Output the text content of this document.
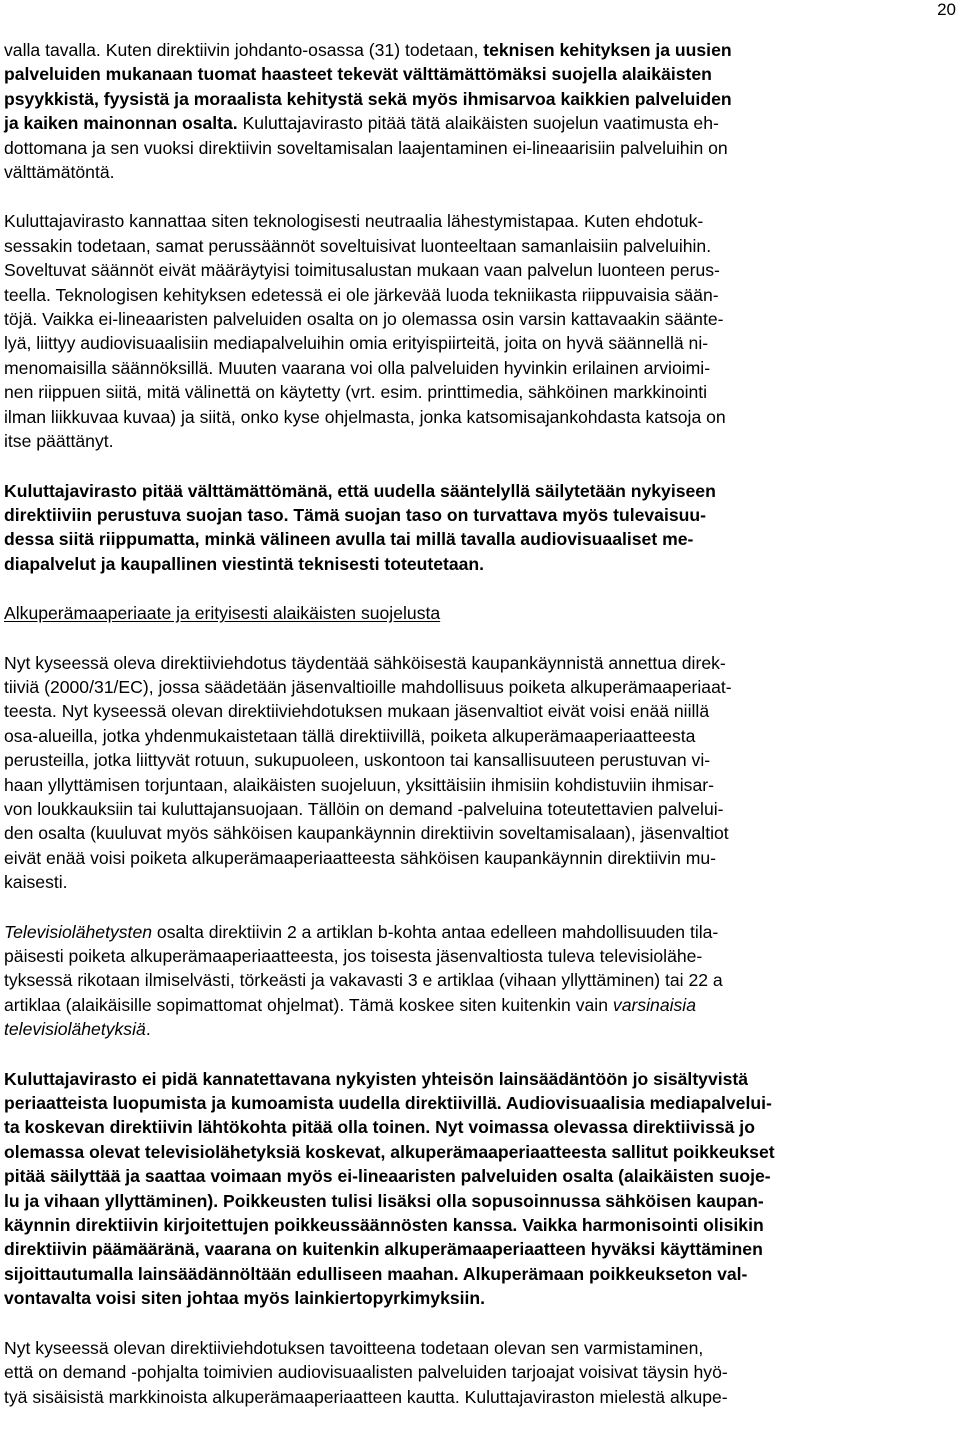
20
valla tavalla. Kuten direktiivin johdanto-osassa (31) todetaan, teknisen kehityksen ja uusien
palveluiden mukanaan tuomat haasteet tekevät välttämättömäksi suojella alaikäisten
psyykkistä, fyysistä ja moraalista kehitystä sekä myös ihmisarvoa kaikkien palveluiden
ja kaiken mainonnan osalta. Kuluttajavirasto pitää tätä alaikäisten suojelun vaatimusta eh-
dottomana ja sen vuoksi direktiivin soveltamisalan laajentaminen ei-lineaarisiin palveluihin on
välttämätöntä.
Kuluttajavirasto kannattaa siten teknologisesti neutraalia lähestymistapaa. Kuten ehdotuk-
sessakin todetaan, samat perussäännöt soveltuisivat luonteeltaan samanlaisiin palveluihin.
Soveltuvat säännöt eivät määräytyisi toimitusalustan mukaan vaan palvelun luonteen perus-
teella. Teknologisen kehityksen edetessä ei ole järkevää luoda tekniikasta riippuvaisia sään-
töjä. Vaikka ei-lineaaristen palveluiden osalta on jo olemassa osin varsin kattavaakin säänte-
lyä, liittyy audiovisuaalisiin mediapalveluihin omia erityispiirteitä, joita on hyvä säännellä ni-
menomaisilla säännöksillä. Muuten vaarana voi olla palveluiden hyvinkin erilainen arvioimi-
nen riippuen siitä, mitä välinettä on käytetty (vrt. esim. printtimedia, sähköinen markkinointi
ilman liikkuvaa kuvaa) ja siitä, onko kyse ohjelmasta, jonka katsomisajankohdasta katsoja on
itse päättänyt.
Kuluttajavirasto pitää välttämättömänä, että uudella sääntelyllä säilytetään nykyiseen
direktiiviin perustuva suojan taso. Tämä suojan taso on turvattava myös tulevaisuu-
dessa siitä riippumatta, minkä välineen avulla tai millä tavalla audiovisuaaliset me-
diapalvelut ja kaupallinen viestintä teknisesti toteutetaan.
Alkuperämaaperiaate ja erityisesti alaikäisten suojelusta
Nyt kyseessä oleva direktiiviehdotus täydentää sähköisestä kaupankäynnistä annettua direk-
tiiviä (2000/31/EC), jossa säädetään jäsenvaltioille mahdollisuus poiketa alkuperämaaperiaat-
teesta. Nyt kyseessä olevan direktiiviehdotuksen mukaan jäsenvaltiot eivät voisi enää niillä
osa-alueilla, jotka yhdenmukaistetaan tällä direktiivillä, poiketa alkuperämaaperiaatteesta
perusteilla, jotka liittyvät rotuun, sukupuoleen, uskontoon tai kansallisuuteen perustuvan vi-
haan yllyttämisen torjuntaan, alaikäisten suojeluun, yksittäisiin ihmisiin kohdistuviin ihmisar-
von loukkauksiin tai kuluttajansuojaan. Tällöin on demand -palveluina toteutettavien palvelui-
den osalta (kuuluvat myös sähköisen kaupankäynnin direktiivin soveltamisalaan), jäsenvaltiot
eivät enää voisi poiketa alkuperämaaperiaatteesta sähköisen kaupankäynnin direktiivin mu-
kaisesti.
Televisiolähetysten osalta direktiivin 2 a artiklan b-kohta antaa edelleen mahdollisuuden tila-
päisesti poiketa alkuperämaaperiaatteesta, jos toisesta jäsenvaltiosta tuleva televisiolähe-
tyksessä rikotaan ilmiselvästi, törkeästi ja vakavasti 3 e artiklaa (vihaan yllyttäminen) tai 22 a
artiklaa (alaikäisille sopimattomat ohjelmat). Tämä koskee siten kuitenkin vain varsinaisia
televisiolähetyksiä.
Kuluttajavirasto ei pidä kannatettavana nykyisten yhteisön lainsäädäntöön jo sisältyvistä
periaatteista luopumista ja kumoamista uudella direktiivillä. Audiovisuaalisia mediapalvelui-
ta koskevan direktiivin lähtökohta pitää olla toinen. Nyt voimassa olevassa direktiivissä jo
olemassa olevat televisiolähetyksiä koskevat, alkuperämaaperiaatteesta sallitut poikkeukset
pitää säilyttää ja saattaa voimaan myös ei-lineaaristen palveluiden osalta (alaikäisten suoje-
lu ja vihaan yllyttäminen). Poikkeusten tulisi lisäksi olla sopusoinnussa sähköisen kaupan-
käynnin direktiivin kirjoitettujen poikkeussäännösten kanssa. Vaikka harmonisointi olisikin
direktiivin päämääränä, vaarana on kuitenkin alkuperämaaperiaatteen hyväksi käyttäminen
sijoittautumalla lainsäädännöltään edulliseen maahan. Alkuperämaan poikkeukseton val-
vontavalta voisi siten johtaa myös lainkiertopyrkimyksiin.
Nyt kyseessä olevan direktiiviehdotuksen tavoitteena todetaan olevan sen varmistaminen,
että on demand -pohjalta toimivien audiovisuaalisten palveluiden tarjoajat voisivat täysin hyö-
tyä sisäisistä markkinoista alkuperämaaperiaatteen kautta. Kuluttajaviraston mielestä alkupe-
